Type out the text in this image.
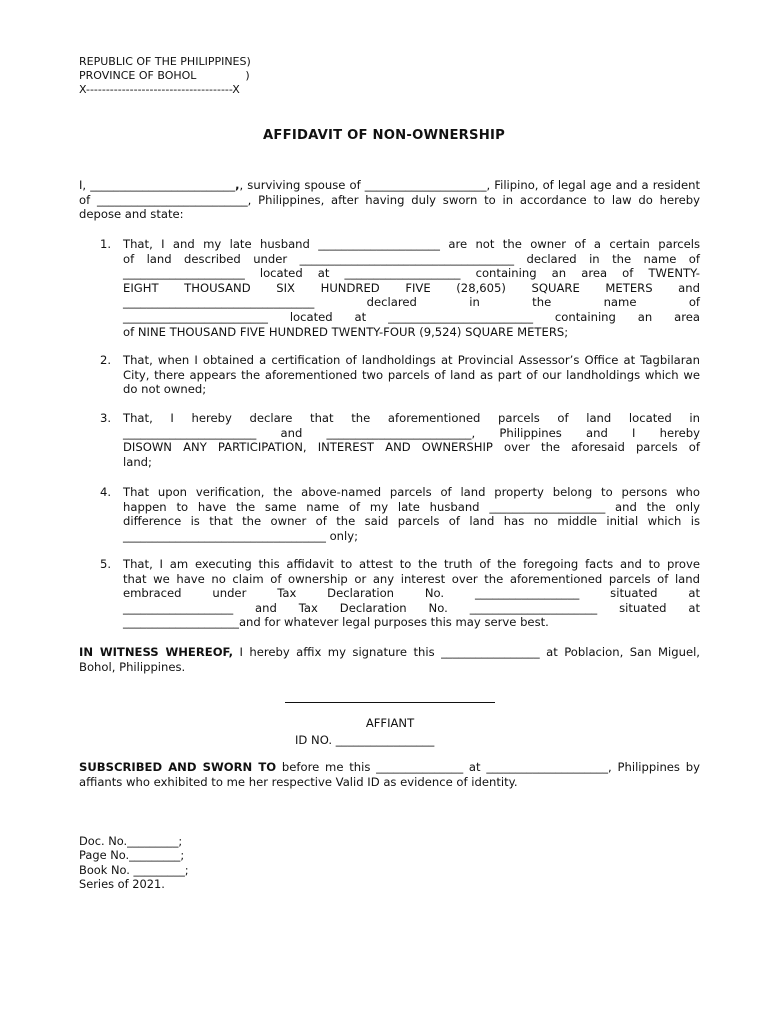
REPUBLIC OF THE PHILIPPINES)
PROVINCE OF BOHOL              )
X-------------------------------------X
AFFIDAVIT OF NON-OWNERSHIP
I, _________________________,, surviving spouse of _____________________, Filipino, of legal age and a resident of __________________________, Philippines, after having duly sworn to in accordance to law do hereby depose and state:
1.	That, I and my late husband _____________________ are not the owner of a certain parcels
of land described under _____________________________________ declared in the name of
_____________________ located at ____________________ containing an area of TWENTY-
EIGHT THOUSAND SIX HUNDRED FIVE (28,605) SQUARE METERS and
_________________________________ declared in the name of
_________________________ located at _________________________ containing an area
of NINE THOUSAND FIVE HUNDRED TWENTY-FOUR (9,524) SQUARE METERS;
2.	That, when I obtained a certification of landholdings at Provincial Assessor’s Office at Tagbilaran City, there appears the aforementioned two parcels of land as part of our landholdings which we do not owned;
3.	That, I hereby declare that the aforementioned parcels of land located in
_______________________ and _________________________, Philippines and I hereby
DISOWN ANY PARTICIPATION, INTEREST AND OWNERSHIP over the aforesaid parcels of
land;
4.	That upon verification, the above-named parcels of land property belong to persons who
happen to have the same name of my late husband ____________________ and the only
difference is that the owner of the said parcels of land has no middle initial which is
___________________________________ only;
5.	That, I am executing this affidavit to attest to the truth of the foregoing facts and to prove
that we have no claim of ownership or any interest over the aforementioned parcels of land
embraced under Tax Declaration No. __________________ situated at
___________________ and Tax Declaration No. ______________________ situated at
____________________and for whatever legal purposes this may serve best.
IN WITNESS WHEREOF, I hereby affix my signature this _________________ at Poblacion, San Miguel, Bohol, Philippines.
AFFIANT
ID NO. _________________
SUBSCRIBED AND SWORN TO before me this _______________ at _____________________, Philippines by affiants who exhibited to me her respective Valid ID as evidence of identity.
Doc. No._________;
Page No._________;
Book No. _________;
Series of 2021.
